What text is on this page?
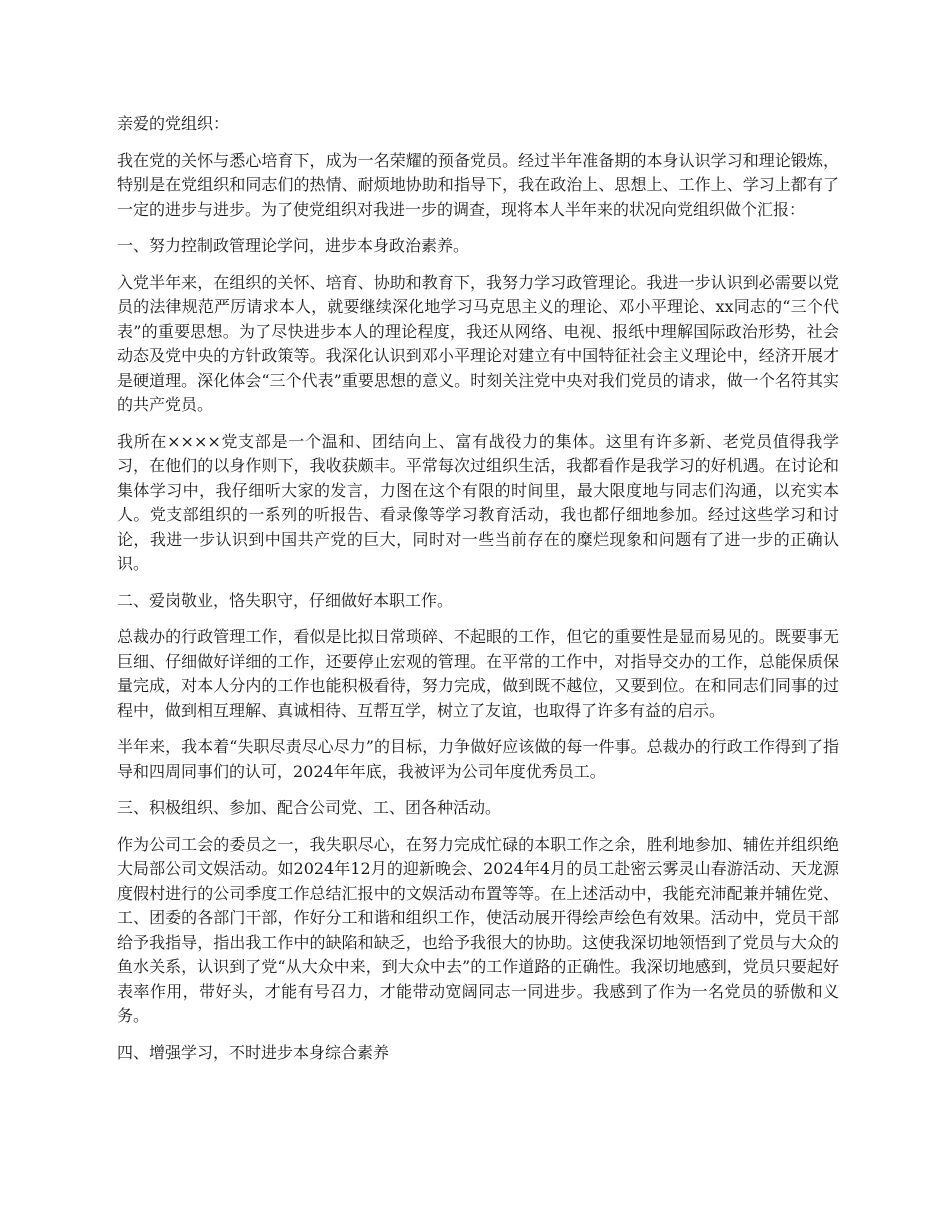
亲爱的党组织：

我在党的关怀与悉心培育下，成为一名荣耀的预备党员。经过半年准备期的本身认识学习和理论锻炼，特别是在党组织和同志们的热情、耐烦地协助和指导下，我在政治上、思想上、工作上、学习上都有了一定的进步与进步。为了使党组织对我进一步的调查，现将本人半年来的状况向党组织做个汇报：

一、努力控制政管理论学问，进步本身政治素养。

入党半年来，在组织的关怀、培育、协助和教育下，我努力学习政管理论。我进一步认识到必需要以党员的法律规范严厉请求本人，就要继续深化地学习马克思主义的理论、邓小平理论、xx同志的“三个代表”的重要思想。为了尽快进步本人的理论程度，我还从网络、电视、报纸中理解国际政治形势，社会动态及党中央的方针政策等。我深化认识到邓小平理论对建立有中国特征社会主义理论中，经济开展才是硬道理。深化体会“三个代表”重要思想的意义。时刻关注党中央对我们党员的请求，做一个名符其实的共产党员。

我所在××××党支部是一个温和、团结向上、富有战役力的集体。这里有许多新、老党员值得我学习，在他们的以身作则下，我收获颇丰。平常每次过组织生活，我都看作是我学习的好机遇。在讨论和集体学习中，我仔细听大家的发言，力图在这个有限的时间里，最大限度地与同志们沟通，以充实本人。党支部组织的一系列的听报告、看录像等学习教育活动，我也都仔细地参加。经过这些学习和讨论，我进一步认识到中国共产党的巨大，同时对一些当前存在的糜烂现象和问题有了进一步的正确认识。

二、爱岗敬业，恪失职守，仔细做好本职工作。

总裁办的行政管理工作，看似是比拟日常琐碎、不起眼的工作，但它的重要性是显而易见的。既要事无巨细、仔细做好详细的工作，还要停止宏观的管理。在平常的工作中，对指导交办的工作，总能保质保量完成，对本人分内的工作也能积极看待，努力完成，做到既不越位，又要到位。在和同志们同事的过程中，做到相互理解、真诚相待、互帮互学，树立了友谊，也取得了许多有益的启示。

半年来，我本着“失职尽责尽心尽力”的目标，力争做好应该做的每一件事。总裁办的行政工作得到了指导和四周同事们的认可，2024年年底，我被评为公司年度优秀员工。

三、积极组织、参加、配合公司党、工、团各种活动。

作为公司工会的委员之一，我失职尽心，在努力完成忙碌的本职工作之余，胜利地参加、辅佐并组织绝大局部公司文娱活动。如2024年12月的迎新晚会、2024年4月的员工赴密云雾灵山春游活动、天龙源度假村进行的公司季度工作总结汇报中的文娱活动布置等等。在上述活动中，我能充沛配兼并辅佐党、工、团委的各部门干部，作好分工和谐和组织工作，使活动展开得绘声绘色有效果。活动中，党员干部给予我指导，指出我工作中的缺陷和缺乏，也给予我很大的协助。这使我深切地领悟到了党员与大众的鱼水关系，认识到了党“从大众中来，到大众中去”的工作道路的正确性。我深切地感到，党员只要起好表率作用，带好头，才能有号召力，才能带动宽阔同志一同进步。我感到了作为一名党员的骄傲和义务。

四、增强学习，不时进步本身综合素养
